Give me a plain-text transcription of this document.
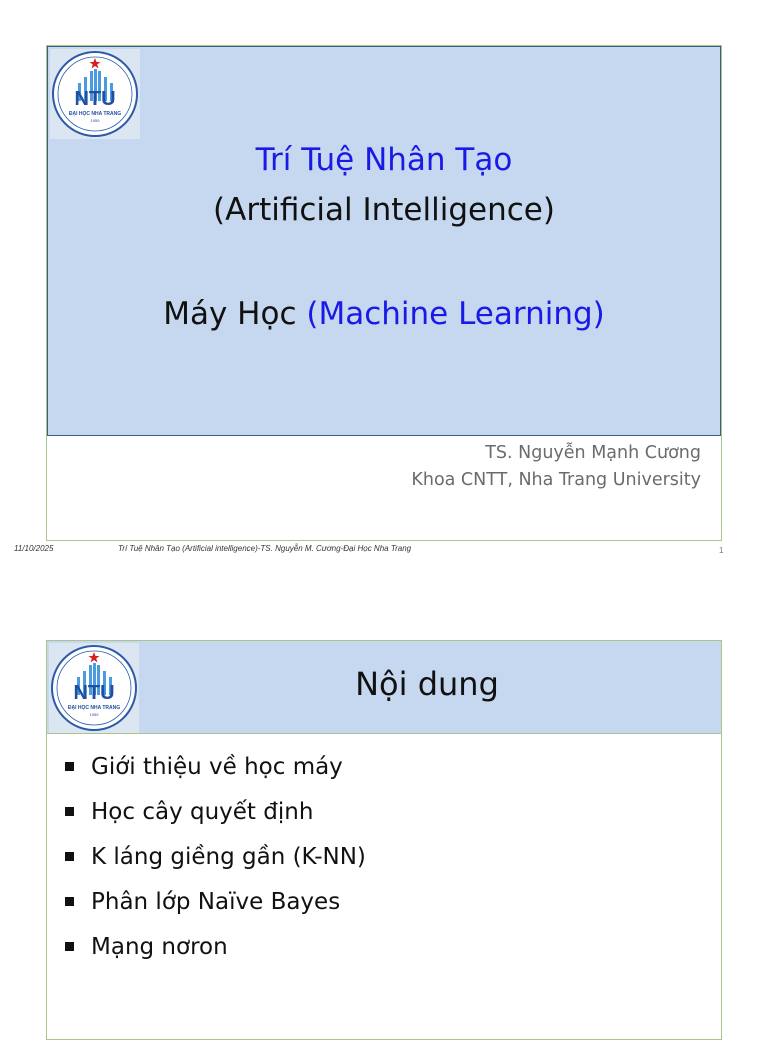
NTU
ĐẠI HỌC NHA TRANG
1959
Trí Tuệ Nhân Tạo
(Artificial Intelligence)
Máy Học (Machine Learning)
TS. Nguyễn Mạnh Cương
Khoa CNTT, Nha Trang University
11/10/2025	Trí Tuệ Nhân Tạo (Artificial intelligence)-TS. Nguyễn M. Cương-Đại Học Nha Trang	1
NTU
ĐẠI HỌC NHA TRANG
1959
Nội dung
Giới thiệu về học máy
Học cây quyết định
K láng giềng gần (K-NN)
Phân lớp Naïve Bayes
Mạng nơron
